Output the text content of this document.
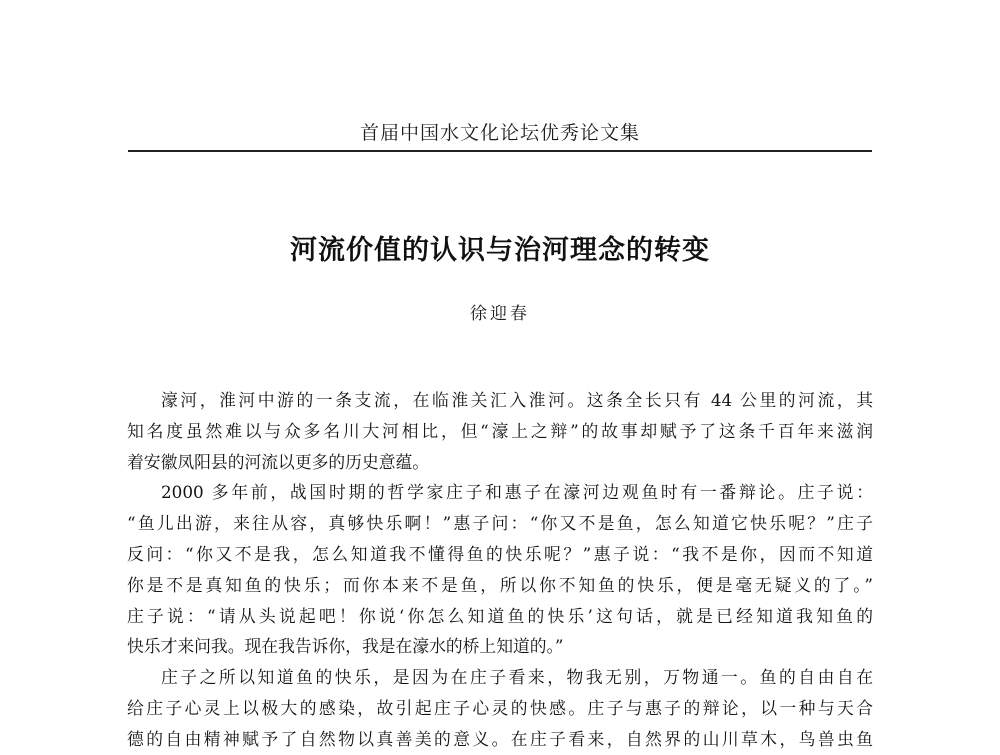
首届中国水文化论坛优秀论文集
河流价值的认识与治河理念的转变
徐迎春
濠河，淮河中游的一条支流，在临淮关汇入淮河。这条全长只有 44 公里的河流，其
知名度虽然难以与众多名川大河相比，但“濠上之辩”的故事却赋予了这条千百年来滋润
着安徽凤阳县的河流以更多的历史意蕴。
2000 多年前，战国时期的哲学家庄子和惠子在濠河边观鱼时有一番辩论。庄子说：
“鱼儿出游，来往从容，真够快乐啊！”惠子问：“你又不是鱼，怎么知道它快乐呢？”庄子
反问：“你又不是我，怎么知道我不懂得鱼的快乐呢？”惠子说：“我不是你，因而不知道
你是不是真知鱼的快乐；而你本来不是鱼，所以你不知鱼的快乐，便是毫无疑义的了。”
庄子说：“请从头说起吧！你说‘你怎么知道鱼的快乐’这句话，就是已经知道我知鱼的
快乐才来问我。现在我告诉你，我是在濠水的桥上知道的。”
庄子之所以知道鱼的快乐，是因为在庄子看来，物我无别，万物通一。鱼的自由自在
给庄子心灵上以极大的感染，故引起庄子心灵的快感。庄子与惠子的辩论，以一种与天合
德的自由精神赋予了自然物以真善美的意义。在庄子看来，自然界的山川草木，鸟兽虫鱼
